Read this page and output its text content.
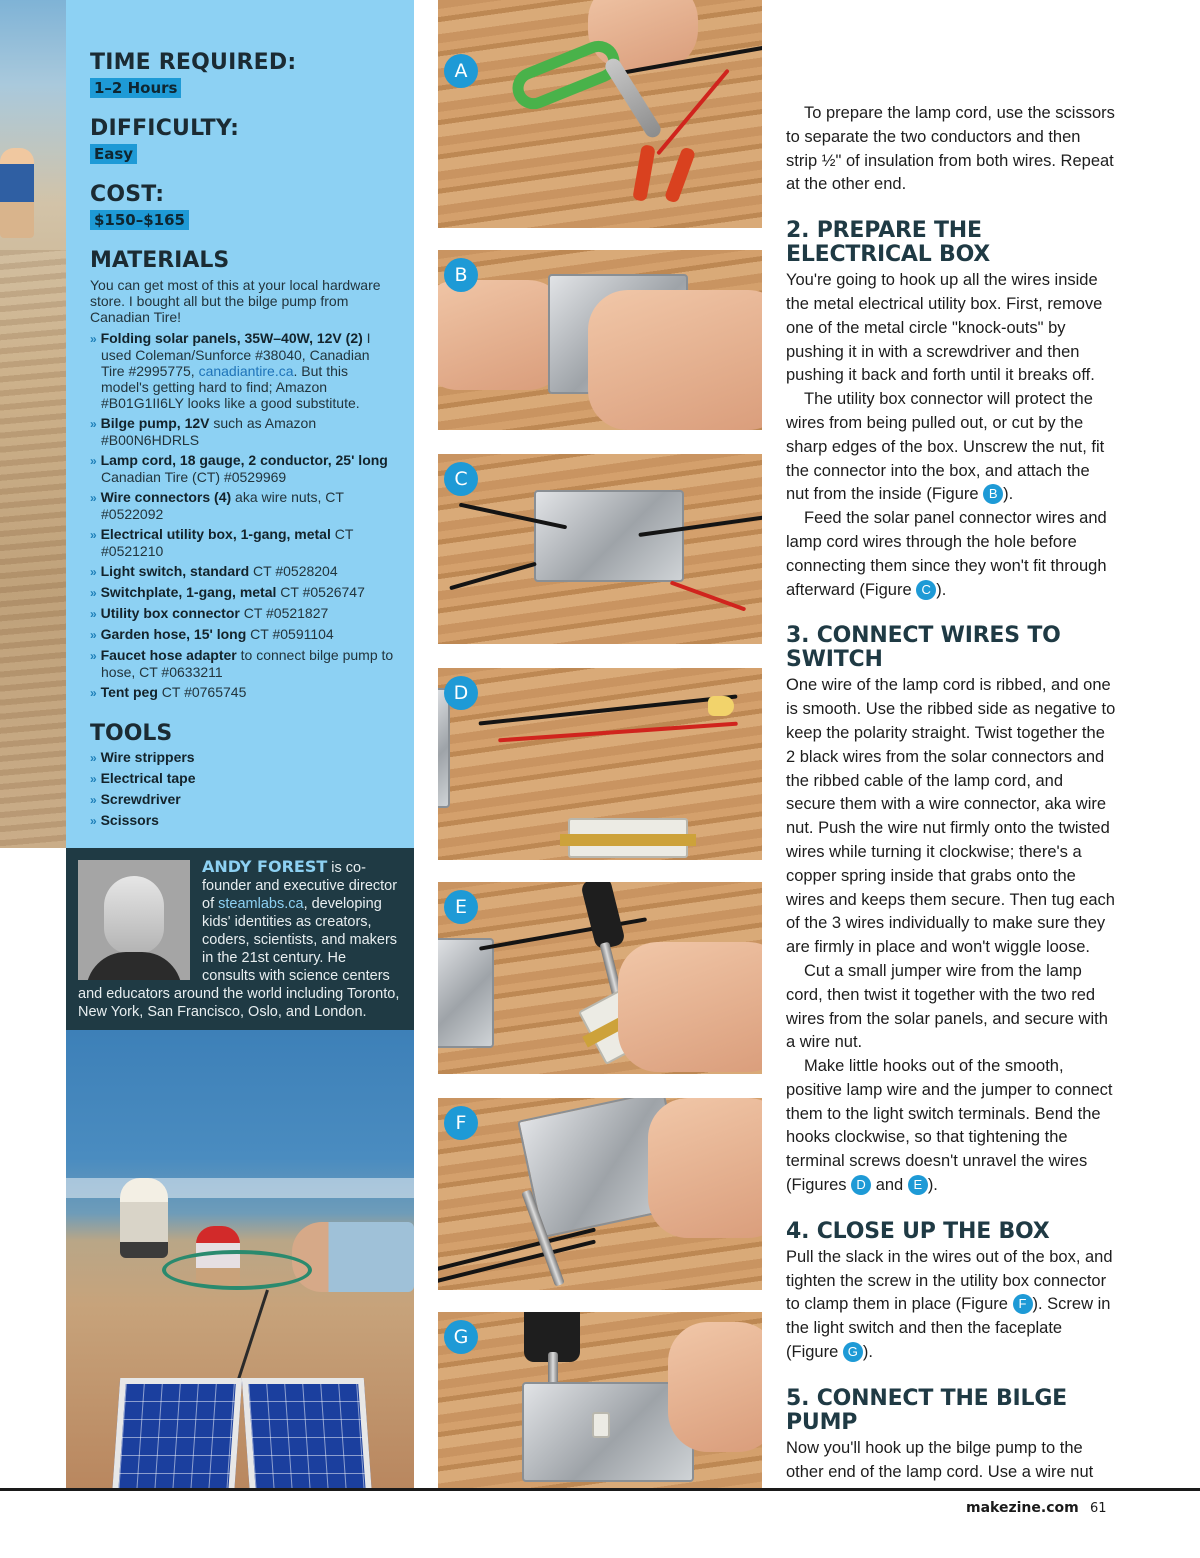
TIME REQUIRED:
1–2 Hours
DIFFICULTY:
Easy
COST:
$150–$165
MATERIALS
You can get most of this at your local hardware store. I bought all but the bilge pump from Canadian Tire!
» Folding solar panels, 35W–40W, 12V (2) I used Coleman/Sunforce #38040, Canadian Tire #2995775, canadiantire.ca. But this model's getting hard to find; Amazon #B01G1II6LY looks like a good substitute.
» Bilge pump, 12V such as Amazon #B00N6HDRLS
» Lamp cord, 18 gauge, 2 conductor, 25' long Canadian Tire (CT) #0529969
» Wire connectors (4) aka wire nuts, CT #0522092
» Electrical utility box, 1-gang, metal CT #0521210
» Light switch, standard CT #0528204
» Switchplate, 1-gang, metal CT #0526747
» Utility box connector CT #0521827
» Garden hose, 15' long CT #0591104
» Faucet hose adapter to connect bilge pump to hose, CT #0633211
» Tent peg CT #0765745
TOOLS
» Wire strippers
» Electrical tape
» Screwdriver
» Scissors
ANDY FOREST is co-founder and executive director of steamlabs.ca, developing kids' identities as creators, coders, scientists, and makers in the 21st century. He consults with science centers and educators around the world including Toronto, New York, San Francisco, Oslo, and London.
A
B
C
D
E
F
G

To prepare the lamp cord, use the scissors to separate the two conductors and then strip ½" of insulation from both wires. Repeat at the other end.

2. PREPARE THE ELECTRICAL BOX

You're going to hook up all the wires inside the metal electrical utility box. First, remove one of the metal circle "knock-outs" by pushing it in with a screwdriver and then pushing it back and forth until it breaks off.

The utility box connector will protect the wires from being pulled out, or cut by the sharp edges of the box. Unscrew the nut, fit the connector into the box, and attach the nut from the inside (Figure B ).

Feed the solar panel connector wires and lamp cord wires through the hole before connecting them since they won't fit through afterward (Figure C ).

3. CONNECT WIRES TO SWITCH

One wire of the lamp cord is ribbed, and one is smooth. Use the ribbed side as negative to keep the polarity straight. Twist together the 2 black wires from the solar connectors and the ribbed cable of the lamp cord, and secure them with a wire connector, aka wire nut. Push the wire nut firmly onto the twisted wires while turning it clockwise; there's a copper spring inside that grabs onto the wires and keeps them secure. Then tug each of the 3 wires individually to make sure they are firmly in place and won't wiggle loose.

Cut a small jumper wire from the lamp cord, then twist it together with the two red wires from the solar panels, and secure with a wire nut.

Make little hooks out of the smooth, positive lamp wire and the jumper to connect them to the light switch terminals. Bend the hooks clockwise, so that tightening the terminal screws doesn't unravel the wires (Figures D and E ).

4. CLOSE UP THE BOX

Pull the slack in the wires out of the box, and tighten the screw in the utility box connector to clamp them in place (Figure F ). Screw in the light switch and then the faceplate (Figure G ).

5. CONNECT THE BILGE PUMP

Now you'll hook up the bilge pump to the other end of the lamp cord. Use a wire nut

makezine.com 61
